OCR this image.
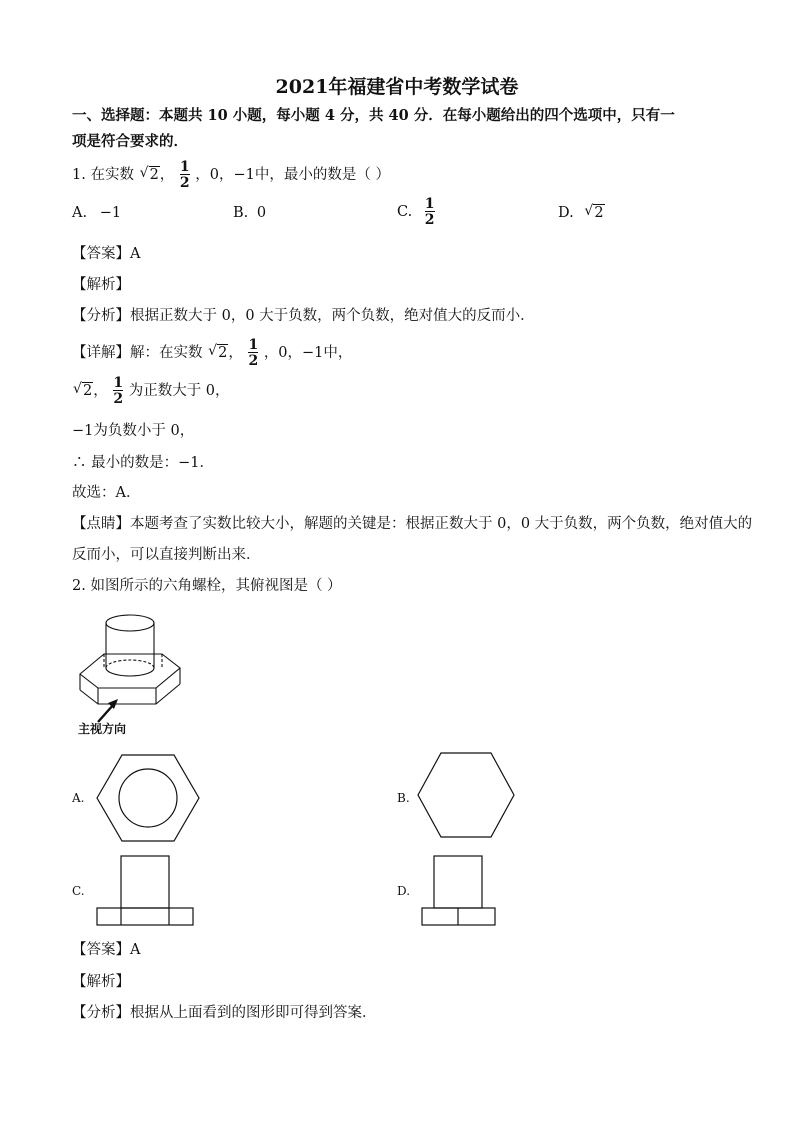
2021年福建省中考数学试卷
一、选择题：本题共 10 小题，每小题 4 分，共 40 分．在每小题给出的四个选项中，只有一
项是符合要求的．
1. 在实数 √ 2， $\frac{1}{2}$ ，0，−1中，最小的数是（ ）
A. −1	B. 0	C. $\frac{1}{2}$	D. √ 2
【答案】A
【解析】
【分析】根据正数大于 0，0 大于负数，两个负数，绝对值大的反而小．
【详解】解：在实数 √ 2， $\frac{1}{2}$ ，0，−1中，
√ 2， $\frac{1}{2}$ 为正数大于 0，
−1为负数小于 0，
∴ 最小的数是：−1．
故选：A．
【点睛】本题考查了实数比较大小，解题的关键是：根据正数大于 0，0 大于负数，两个负数，绝对值大的
反而小，可以直接判断出来．
2. 如图所示的六角螺栓，其俯视图是（ ）
主视方向
A.	B.
C.	D.
【答案】A
【解析】
【分析】根据从上面看到的图形即可得到答案．
